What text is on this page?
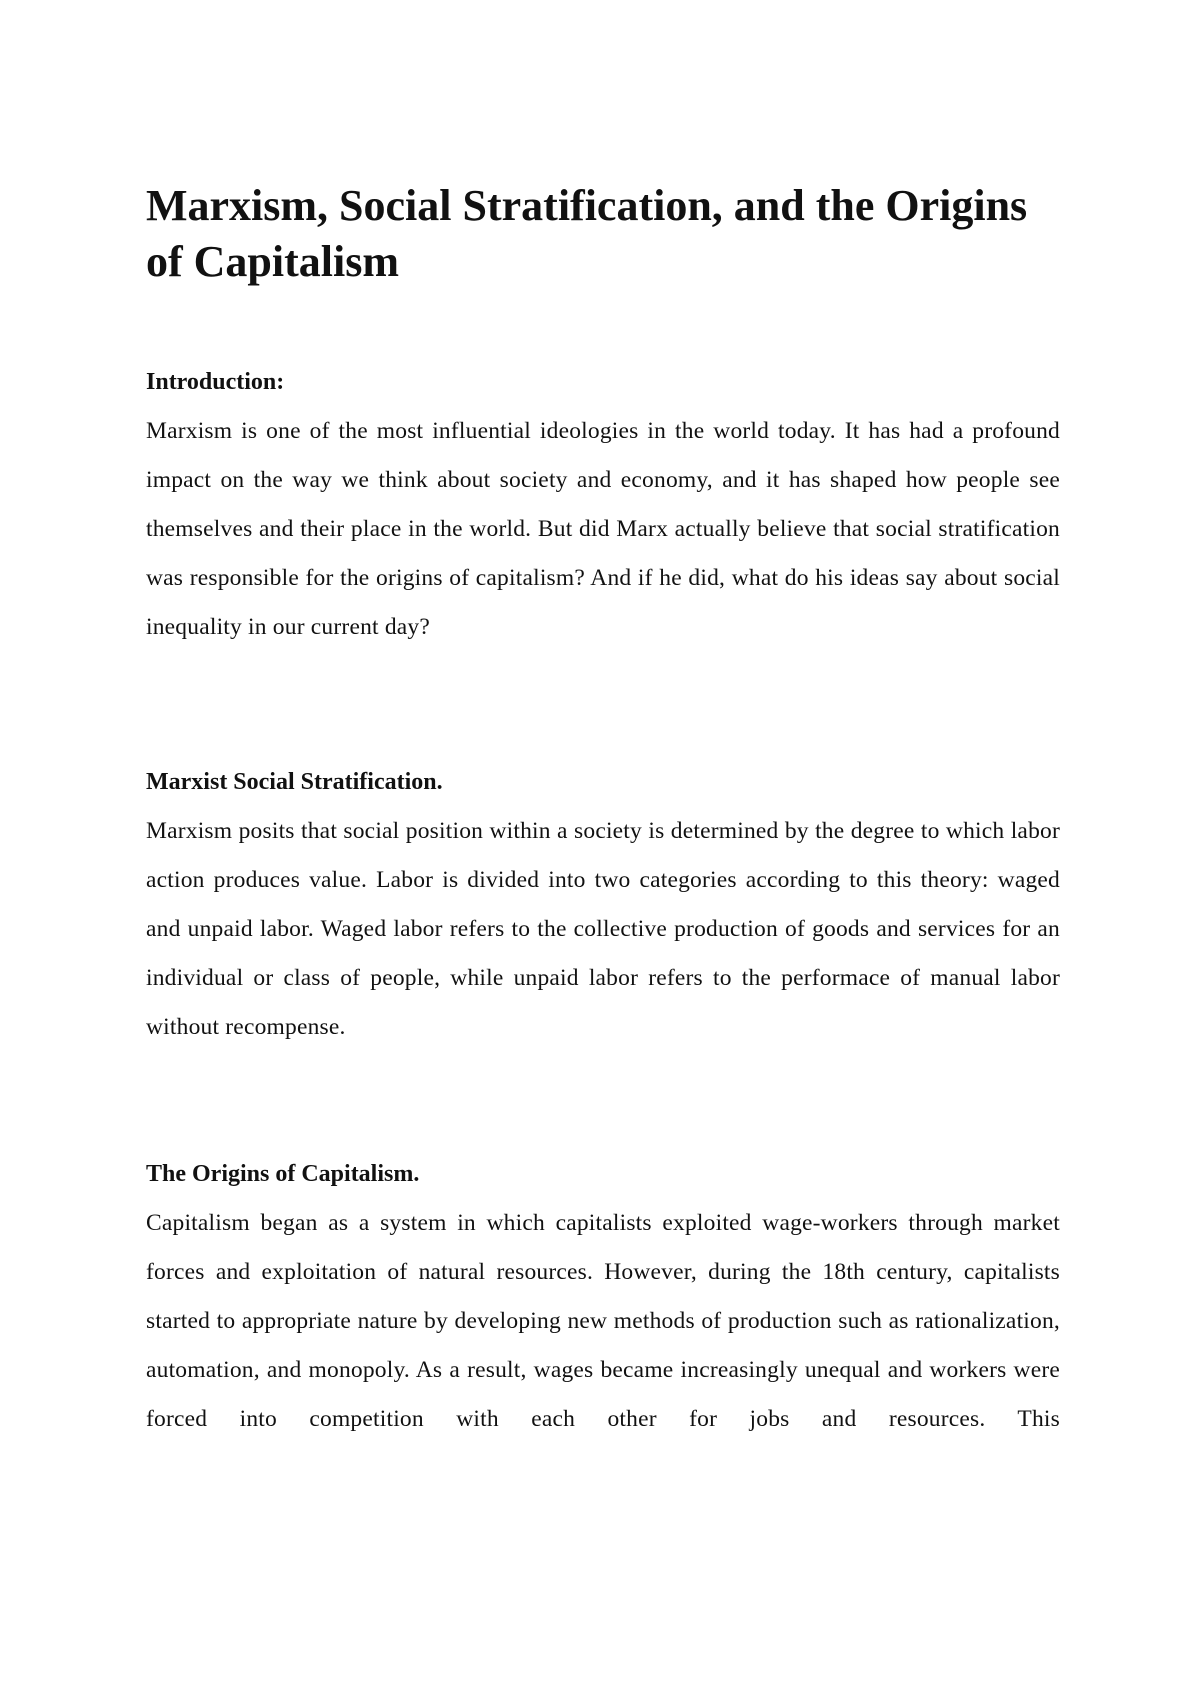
Marxism, Social Stratification, and the Origins of Capitalism

Introduction:

Marxism is one of the most influential ideologies in the world today. It has had a profound impact on the way we think about society and economy, and it has shaped how people see themselves and their place in the world. But did Marx actually believe that social stratification was responsible for the origins of capitalism? And if he did, what do his ideas say about social inequality in our current day?

Marxist Social Stratification.

Marxism posits that social position within a society is determined by the degree to which labor action produces value. Labor is divided into two categories according to this theory: waged and unpaid labor. Waged labor refers to the collective production of goods and services for an individual or class of people, while unpaid labor refers to the performace of manual labor without recompense.

The Origins of Capitalism.

Capitalism began as a system in which capitalists exploited wage-workers through market forces and exploitation of natural resources. However, during the 18th century, capitalists started to appropriate nature by developing new methods of production such as rationalization, automation, and monopoly. As a result, wages became increasingly unequal and workers were forced into competition with each other for jobs and resources. This
